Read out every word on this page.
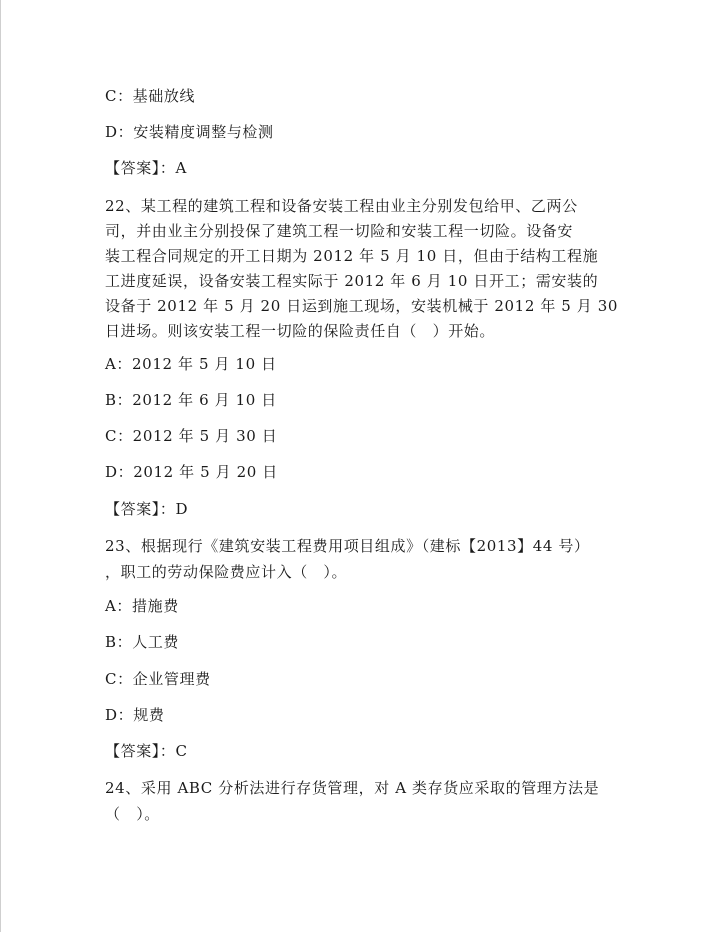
C：基础放线
D：安装精度调整与检测
【答案】：A
22、某工程的建筑工程和设备安装工程由业主分别发包给甲、乙两公
司，并由业主分别投保了建筑工程一切险和安装工程一切险。设备安
装工程合同规定的开工日期为 2012 年 5 月 10 日，但由于结构工程施
工进度延误，设备安装工程实际于 2012 年 6 月 10 日开工；需安装的
设备于 2012 年 5 月 20 日运到施工现场，安装机械于 2012 年 5 月 30
日进场。则该安装工程一切险的保险责任自（　）开始。
A：2012 年 5 月 10 日
B：2012 年 6 月 10 日
C：2012 年 5 月 30 日
D：2012 年 5 月 20 日
【答案】：D
23、根据现行《建筑安装工程费用项目组成》（建标【2013】44 号）
，职工的劳动保险费应计入（　）。
A：措施费
B：人工费
C：企业管理费
D：规费
【答案】：C
24、采用 ABC 分析法进行存货管理，对 A 类存货应采取的管理方法是
（　）。
